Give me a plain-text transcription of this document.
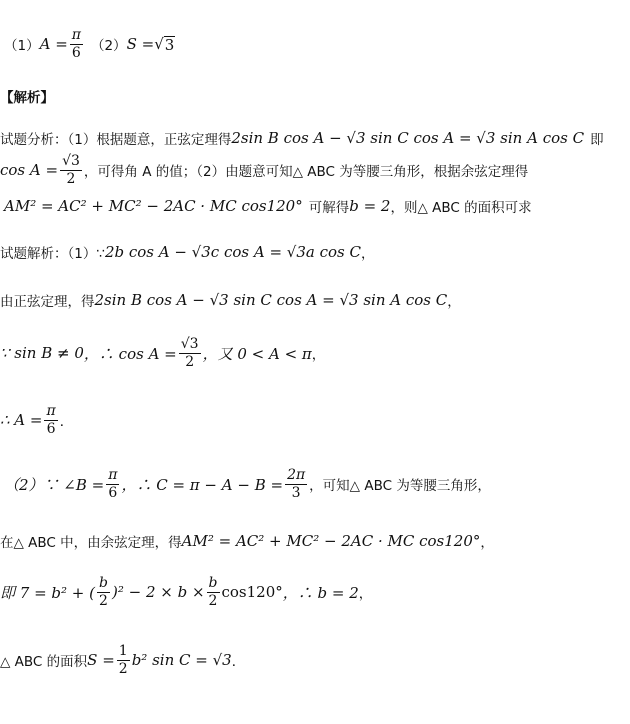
（1） $A = \frac{\pi}{6} (2) S$ = √ 3
【解析】
试题分析：（1）根据题意，正弦定理得 2sin B cos A − √3 sin C cos A = √3 sin A cos C 即
$\cos A = \frac{√3}{2}$ ，可得角 A 的值；（2）由题意可知△ ABC 为等腰三角形，根据余弦定理得
AM² = AC² + MC² − 2AC · MC cos120° 可解得 b = 2 ，则△ ABC 的面积可求
试题解析：（1）∵ 2b cos A − √3c cos A = √3a cos C ，
由正弦定理，得 2sin B cos A − √3 sin C cos A = √3 sin A cos C ，
∵ sin B ≠ 0 ，∴ $\cos A = \frac{√3}{2}$ ，又 0 < A < π ，
∴ $A = \frac{\pi}{6}$ ．
（2）∵ ∠B = $\frac{\pi}{6}$ ，∴ $C = \pi - A - B = \frac{2\pi}{3}$ ，可知△ ABC 为等腰三角形，
在△ ABC 中，由余弦定理，得 AM² = AC² + MC² − 2AC · MC cos120° ，
即 7 = b² + ( $\frac{b}{2} )^2 - 2 \times b \times \frac{b}{2} \cos 120^\circ$ ，∴ b = 2 ，
△ ABC 的面积 $S = \frac{1}{2} b^2$ sin C = √3 ．
